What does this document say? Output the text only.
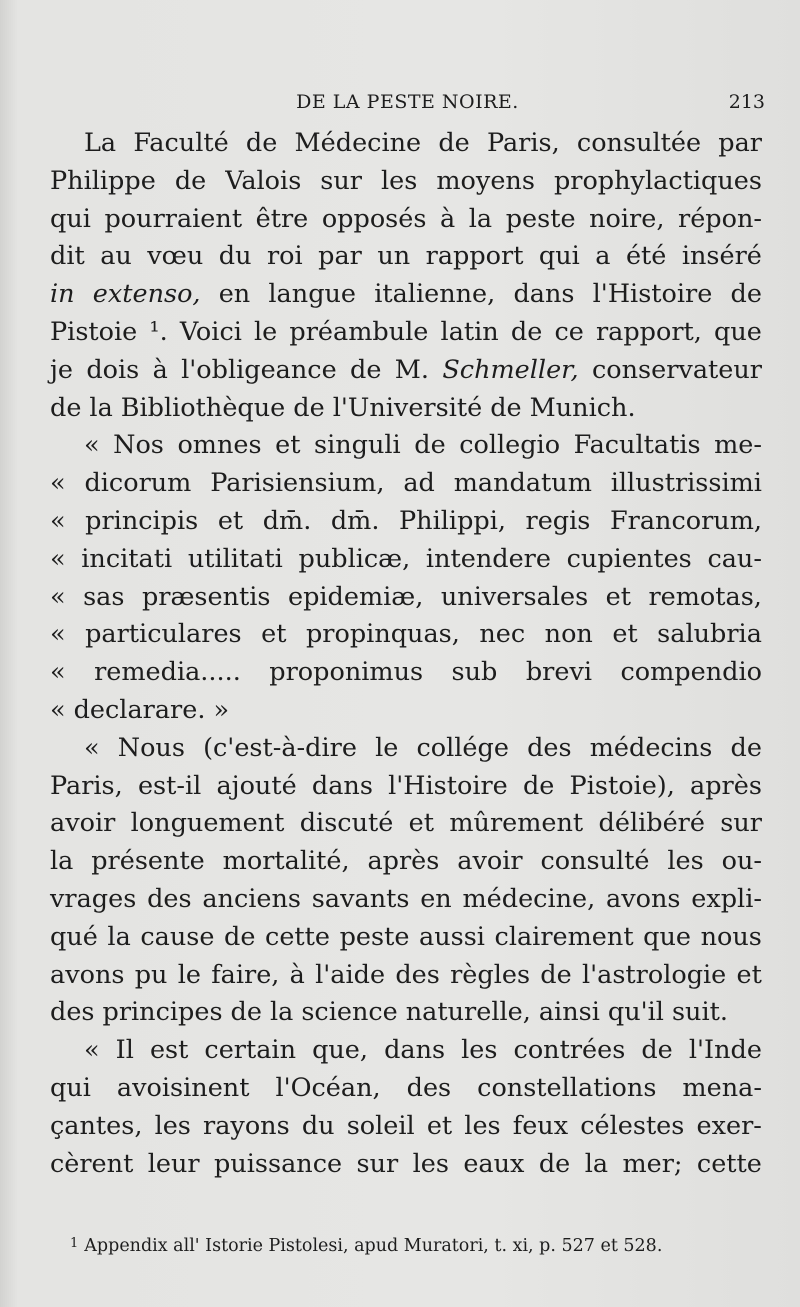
DE LA PESTE NOIRE.	213
La Faculté de Médecine de Paris, consultée par
Philippe de Valois sur les moyens prophylactiques
qui pourraient être opposés à la peste noire, répon-
dit au vœu du roi par un rapport qui a été inséré
in extenso, en langue italienne, dans l'Histoire de
Pistoie ¹. Voici le préambule latin de ce rapport, que
je dois à l'obligeance de M. Schmeller, conservateur
de la Bibliothèque de l'Université de Munich.
« Nos omnes et singuli de collegio Facultatis me-
« dicorum Parisiensium, ad mandatum illustrissimi
« principis et dm̄. dm̄. Philippi, regis Francorum,
« incitati utilitati publicæ, intendere cupientes cau-
« sas præsentis epidemiæ, universales et remotas,
« particulares et propinquas, nec non et salubria
« remedia..... proponimus sub brevi compendio
« declarare. »
« Nous (c'est-à-dire le collége des médecins de
Paris, est-il ajouté dans l'Histoire de Pistoie), après
avoir longuement discuté et mûrement délibéré sur
la présente mortalité, après avoir consulté les ou-
vrages des anciens savants en médecine, avons expli-
qué la cause de cette peste aussi clairement que nous
avons pu le faire, à l'aide des règles de l'astrologie et
des principes de la science naturelle, ainsi qu'il suit.
« Il est certain que, dans les contrées de l'Inde
qui avoisinent l'Océan, des constellations mena-
çantes, les rayons du soleil et les feux célestes exer-
cèrent leur puissance sur les eaux de la mer; cette
$^1$ Appendix all' Istorie Pistolesi, apud Muratori, t. xi, p. 527 et 528.
